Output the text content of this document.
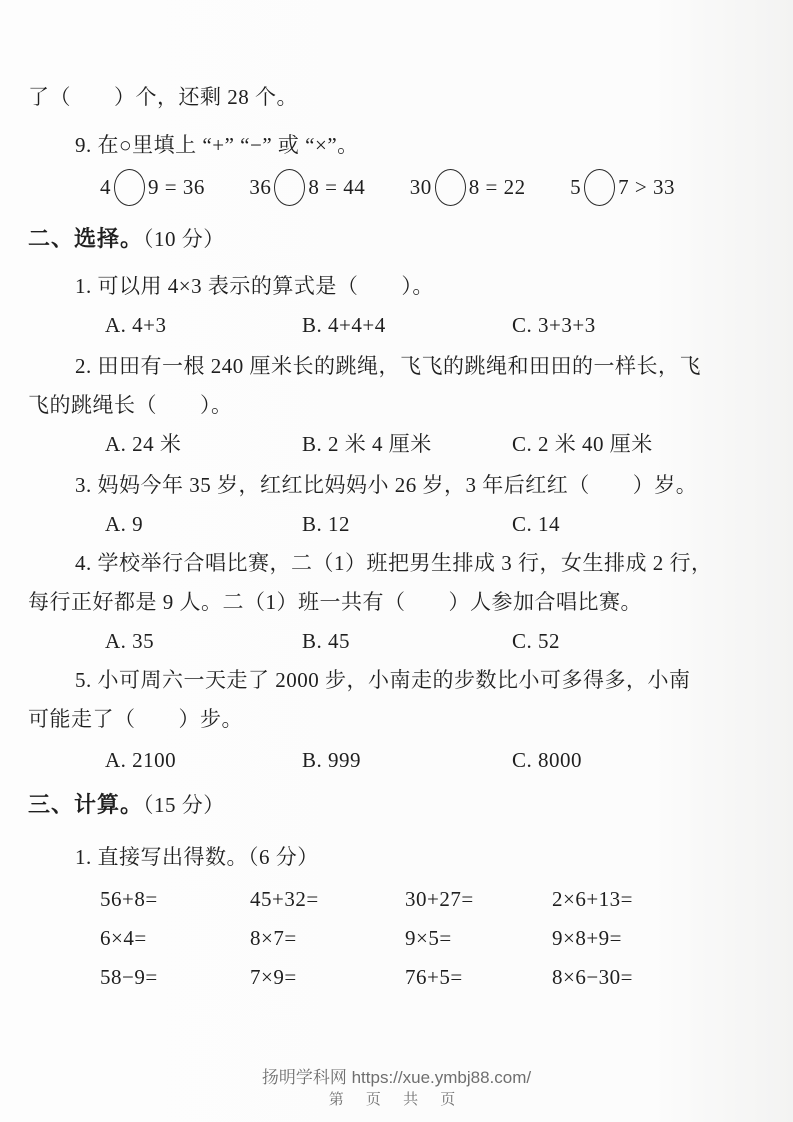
了（　　）个，还剩 28 个。
9. 在○里填上 “+” “−” 或 “×”。
4 9 = 36 36 8 = 44 30 8 = 22 5 7 > 33
二、选择。（10 分）
1. 可以用 4×3 表示的算式是（　　）。
A. 4+3	B. 4+4+4	C. 3+3+3
2. 田田有一根 240 厘米长的跳绳，飞飞的跳绳和田田的一样长，飞
飞的跳绳长（　　）。
A. 24 米	B. 2 米 4 厘米	C. 2 米 40 厘米
3. 妈妈今年 35 岁，红红比妈妈小 26 岁，3 年后红红（　　）岁。
A. 9	B. 12	C. 14
4. 学校举行合唱比赛，二（1）班把男生排成 3 行，女生排成 2 行，
每行正好都是 9 人。二（1）班一共有（　　）人参加合唱比赛。
A. 35	B. 45	C. 52
5. 小可周六一天走了 2000 步，小南走的步数比小可多得多，小南
可能走了（　　）步。
A. 2100	B. 999	C. 8000
三、计算。（15 分）
1. 直接写出得数。（6 分）
56+8=	45+32=	30+27=	2×6+13=
6×4=	8×7=	9×5=	9×8+9=
58−9=	7×9=	76+5=	8×6−30=
扬明学科网 https://xue.ymbj88.com/
第 页 共 页
